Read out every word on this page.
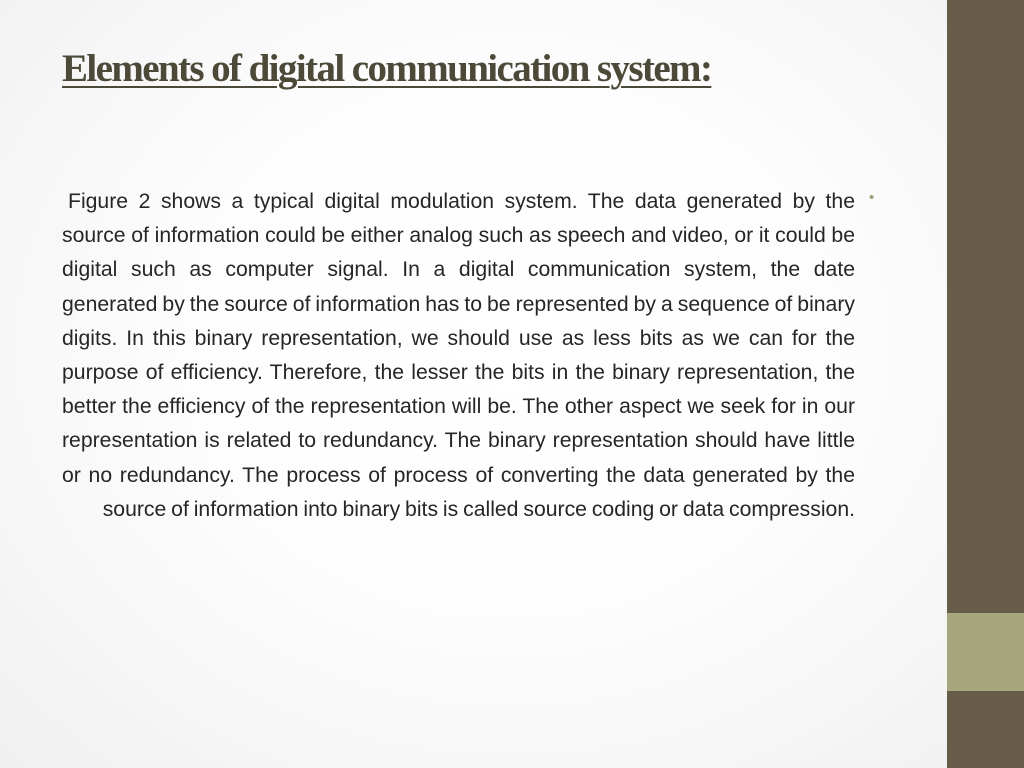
Elements of digital communication system:
•

Figure 2 shows a typical digital modulation system. The data generated by the source of information could be either analog such as speech and video, or it could be digital such as computer signal. In a digital communication system, the date generated by the source of information has to be represented by a sequence of binary digits. In this binary representation, we should use as less bits as we can for the purpose of efficiency. Therefore, the lesser the bits in the binary representation, the better the efficiency of the representation will be. The other aspect we seek for in our representation is related to redundancy. The binary representation should have little or no redundancy. The process of process of converting the data generated by the source of information into binary bits is called source coding or data compression.
